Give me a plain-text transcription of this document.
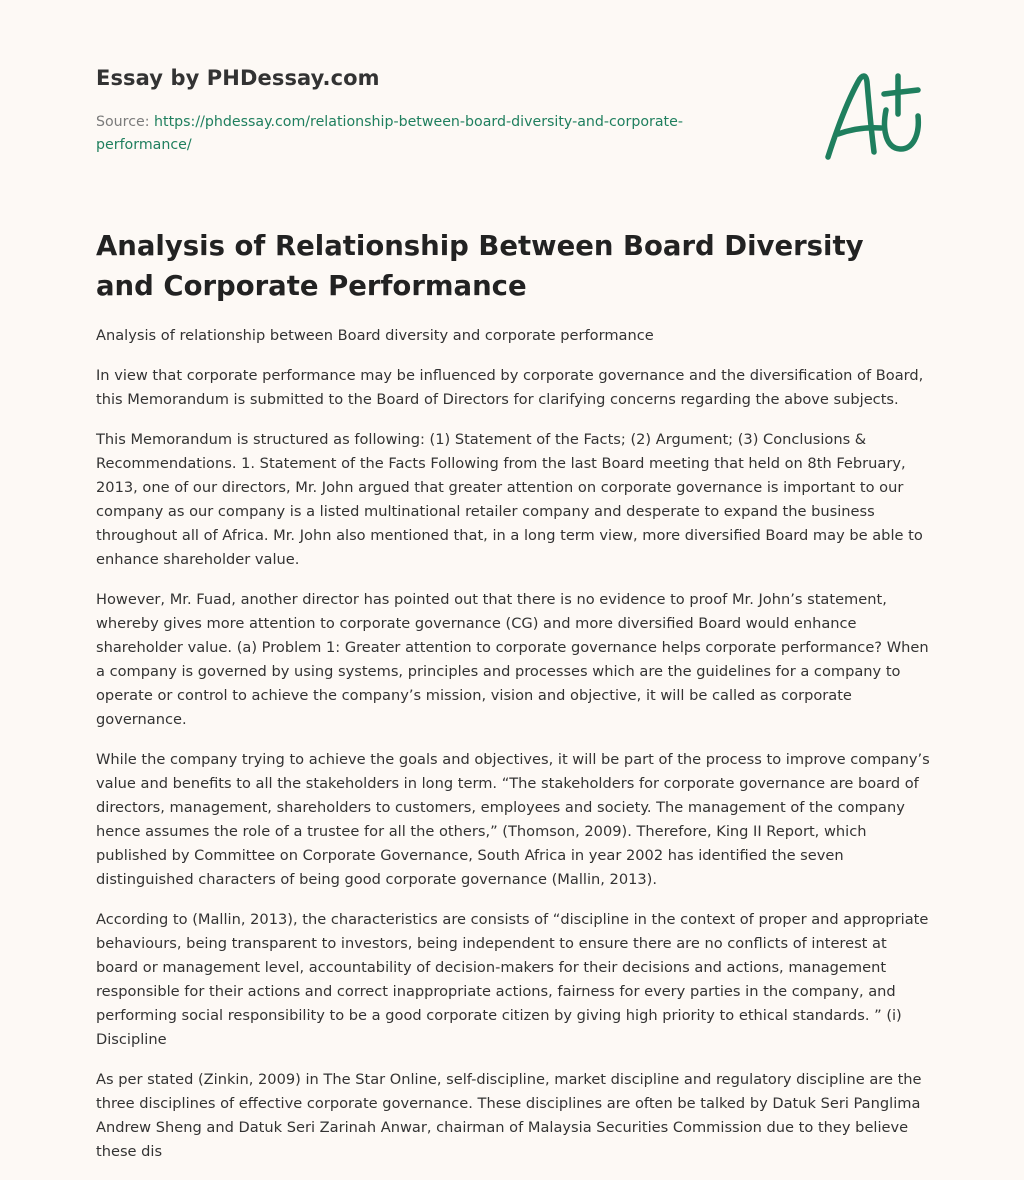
Essay by PHDessay.com
Source: https://phdessay.com/relationship-between-board-diversity-and-corporate-performance/
Analysis of Relationship Between Board Diversity and Corporate Performance

Analysis of relationship between Board diversity and corporate performance

In view that corporate performance may be influenced by corporate governance and the diversification of Board, this Memorandum is submitted to the Board of Directors for clarifying concerns regarding the above subjects.

This Memorandum is structured as following: (1) Statement of the Facts; (2) Argument; (3) Conclusions & Recommendations. 1. Statement of the Facts Following from the last Board meeting that held on 8th February, 2013, one of our directors, Mr. John argued that greater attention on corporate governance is important to our company as our company is a listed multinational retailer company and desperate to expand the business throughout all of Africa. Mr. John also mentioned that, in a long term view, more diversified Board may be able to enhance shareholder value.

However, Mr. Fuad, another director has pointed out that there is no evidence to proof Mr. John’s statement, whereby gives more attention to corporate governance (CG) and more diversified Board would enhance shareholder value. (a) Problem 1: Greater attention to corporate governance helps corporate performance? When a company is governed by using systems, principles and processes which are the guidelines for a company to operate or control to achieve the company’s mission, vision and objective, it will be called as corporate governance.

While the company trying to achieve the goals and objectives, it will be part of the process to improve company’s value and benefits to all the stakeholders in long term. “The stakeholders for corporate governance are board of directors, management, shareholders to customers, employees and society. The management of the company hence assumes the role of a trustee for all the others,” (Thomson, 2009). Therefore, King II Report, which published by Committee on Corporate Governance, South Africa in year 2002 has identified the seven distinguished characters of being good corporate governance (Mallin, 2013).

According to (Mallin, 2013), the characteristics are consists of “discipline in the context of proper and appropriate behaviours, being transparent to investors, being independent to ensure there are no conflicts of interest at board or management level, accountability of decision-makers for their decisions and actions, management responsible for their actions and correct inappropriate actions, fairness for every parties in the company, and performing social responsibility to be a good corporate citizen by giving high priority to ethical standards. ” (i) Discipline

As per stated (Zinkin, 2009) in The Star Online, self-discipline, market discipline and regulatory discipline are the three disciplines of effective corporate governance. These disciplines are often be talked by Datuk Seri Panglima Andrew Sheng and Datuk Seri Zarinah Anwar, chairman of Malaysia Securities Commission due to they believe these dis
